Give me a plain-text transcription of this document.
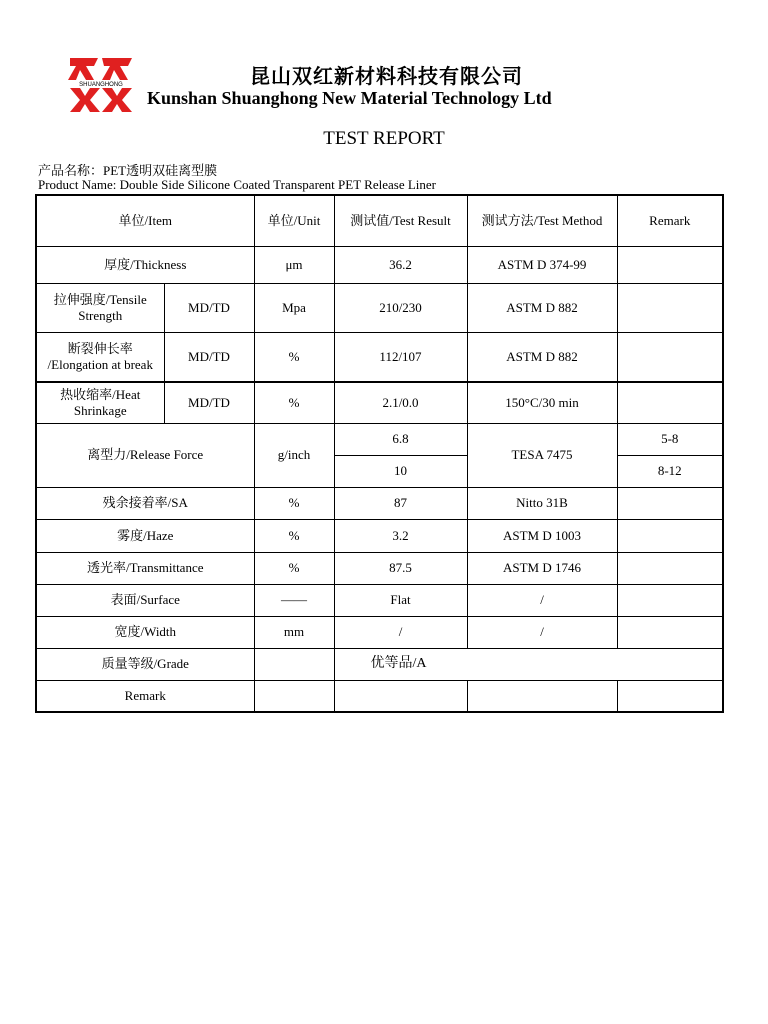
SHUANGHONG	昆山双红新材料科技有限公司
Kunshan Shuanghong New Material Technology Ltd
TEST REPORT
产品名称：PET透明双硅离型膜
Product Name: Double Side Silicone Coated Transparent PET Release Liner
单位/Item		单位/Unit	测试值/Test Result	测试方法/Test Method	Remark
厚度/Thickness		μm	36.2	ASTM D 374-99	

拉伸强度/Tensile
Strength	MD/TD	Mpa	210/230	ASTM D 882	

断裂伸长率
/Elongation at break	MD/TD	%	112/107	ASTM D 882	

热收缩率/Heat
Shrinkage	MD/TD	%	2.1/0.0	150°C/30 min	
离型力/Release Force		g/inch	6.8	TESA 7475	5-8
			10		8-12
残余接着率/SA		%	87	Nitto 31B	
雾度/Haze		%	3.2	ASTM D 1003	
透光率/Transmittance		%	87.5	ASTM D 1746	
表面/Surface		——	Flat	/	
宽度/Width		mm	/	/	
质量等级/Grade			优等品/A		
Remark					
